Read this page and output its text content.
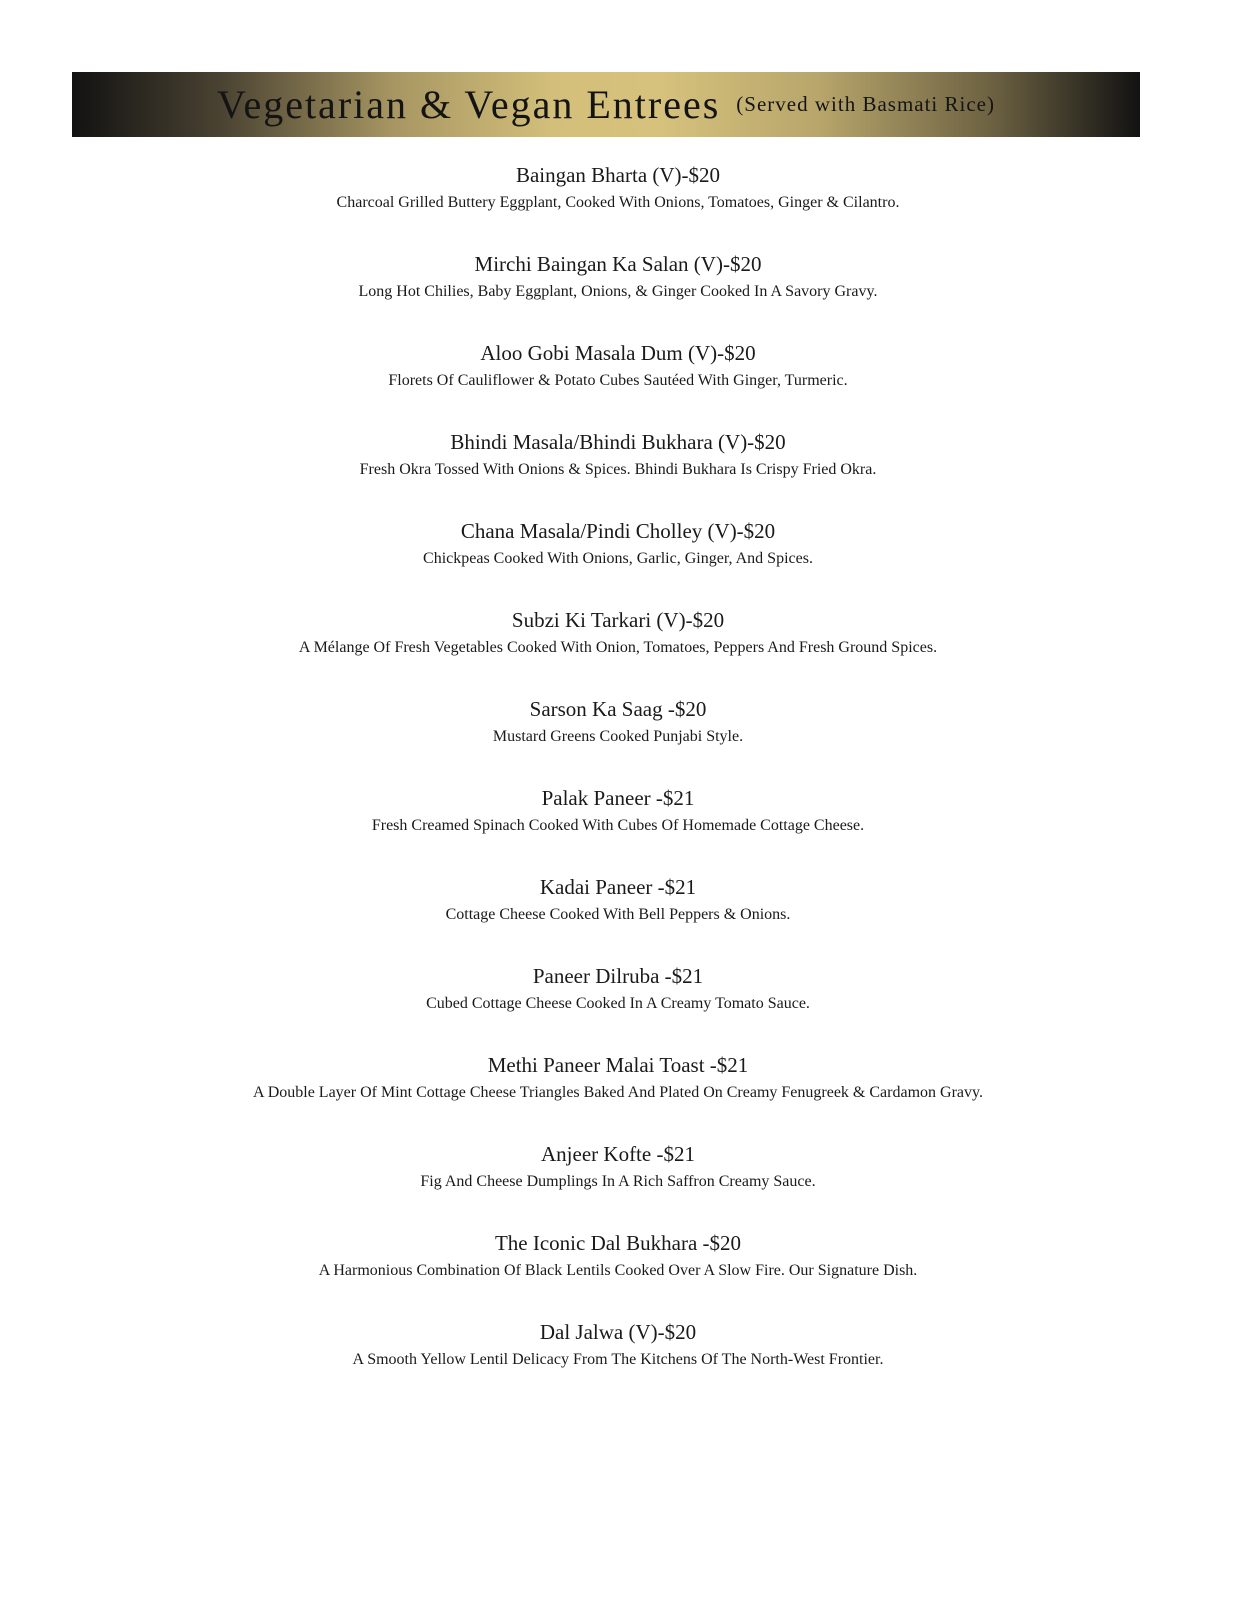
Vegetarian & Vegan Entrees (Served with Basmati Rice)
Baingan Bharta (V)-$20
Charcoal Grilled Buttery Eggplant, Cooked With Onions, Tomatoes, Ginger & Cilantro.
Mirchi Baingan Ka Salan (V)-$20
Long Hot Chilies, Baby Eggplant, Onions, & Ginger Cooked In A Savory Gravy.
Aloo Gobi Masala Dum (V)-$20
Florets Of Cauliflower & Potato Cubes Sautéed With Ginger, Turmeric.
Bhindi Masala/Bhindi Bukhara (V)-$20
Fresh Okra Tossed With Onions & Spices. Bhindi Bukhara Is Crispy Fried Okra.
Chana Masala/Pindi Cholley (V)-$20
Chickpeas Cooked With Onions, Garlic, Ginger, And Spices.
Subzi Ki Tarkari (V)-$20
A Mélange Of Fresh Vegetables Cooked With Onion, Tomatoes, Peppers And Fresh Ground Spices.
Sarson Ka Saag -$20
Mustard Greens Cooked Punjabi Style.
Palak Paneer -$21
Fresh Creamed Spinach Cooked With Cubes Of Homemade Cottage Cheese.
Kadai Paneer -$21
Cottage Cheese Cooked With Bell Peppers & Onions.
Paneer Dilruba -$21
Cubed Cottage Cheese Cooked In A Creamy Tomato Sauce.
Methi Paneer Malai Toast -$21
A Double Layer Of Mint Cottage Cheese Triangles Baked And Plated On Creamy Fenugreek & Cardamon Gravy.
Anjeer Kofte -$21
Fig And Cheese Dumplings In A Rich Saffron Creamy Sauce.
The Iconic Dal Bukhara -$20
A Harmonious Combination Of Black Lentils Cooked Over A Slow Fire. Our Signature Dish.
Dal Jalwa (V)-$20
A Smooth Yellow Lentil Delicacy From The Kitchens Of The North-West Frontier.
